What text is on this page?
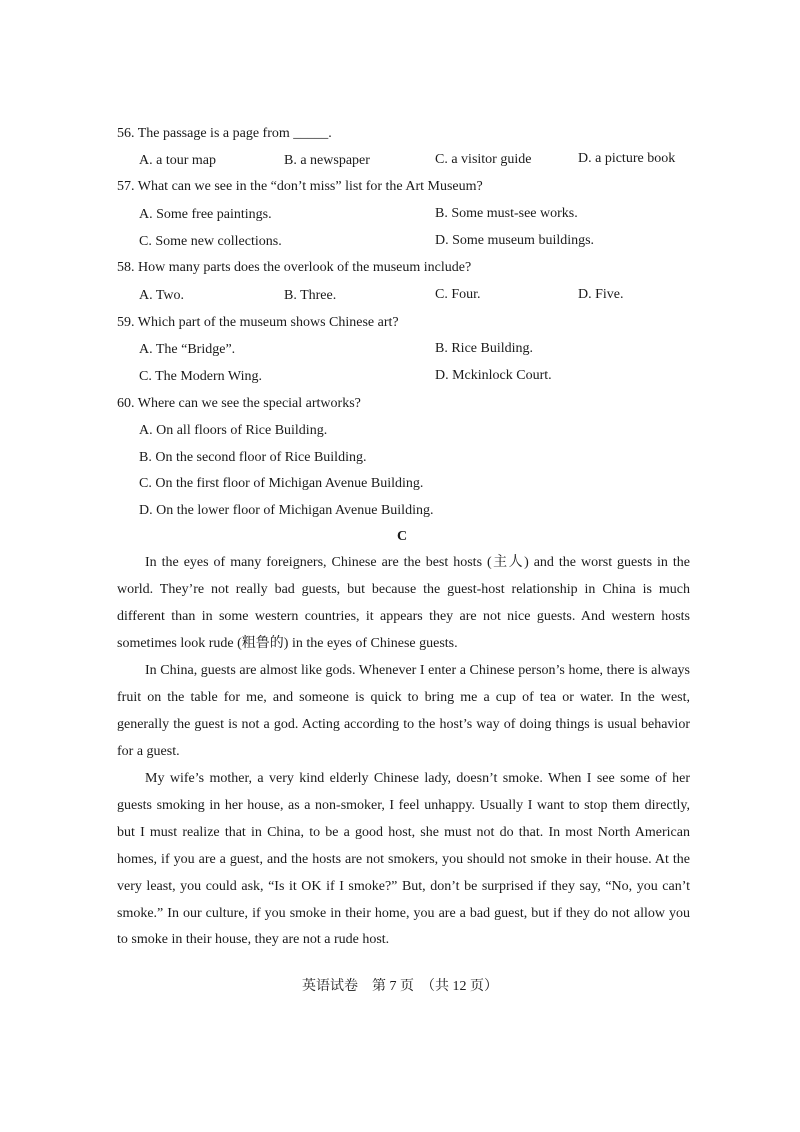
56. The passage is a page from _____.
A. a tour map	B. a newspaper	C. a visitor guide	D. a picture book
57. What can we see in the “don’t miss” list for the Art Museum?
A. Some free paintings.	B. Some must-see works.
C. Some new collections.	D. Some museum buildings.
58. How many parts does the overlook of the museum include?
A. Two.	B. Three.	C. Four.	D. Five.
59. Which part of the museum shows Chinese art?
A. The “Bridge”.	B. Rice Building.
C. The Modern Wing.	D. Mckinlock Court.
60. Where can we see the special artworks?
A. On all floors of Rice Building.
B. On the second floor of Rice Building.
C. On the first floor of Michigan Avenue Building.
D. On the lower floor of Michigan Avenue Building.
C
In the eyes of many foreigners, Chinese are the best hosts (主人) and the worst guests in the world. They’re not really bad guests, but because the guest-host relationship in China is much different than in some western countries, it appears they are not nice guests. And western hosts sometimes look rude (粗鲁的) in the eyes of Chinese guests.
In China, guests are almost like gods. Whenever I enter a Chinese person’s home, there is always fruit on the table for me, and someone is quick to bring me a cup of tea or water. In the west, generally the guest is not a god. Acting according to the host’s way of doing things is usual behavior for a guest.
My wife’s mother, a very kind elderly Chinese lady, doesn’t smoke. When I see some of her guests smoking in her house, as a non-smoker, I feel unhappy. Usually I want to stop them directly, but I must realize that in China, to be a good host, she must not do that. In most North American homes, if you are a guest, and the hosts are not smokers, you should not smoke in their house. At the very least, you could ask, “Is it OK if I smoke?” But, don’t be surprised if they say, “No, you can’t smoke.” In our culture, if you smoke in their home, you are a bad guest, but if they do not allow you to smoke in their house, they are not a rude host.
英语试卷　第 7 页　（共 12 页）
